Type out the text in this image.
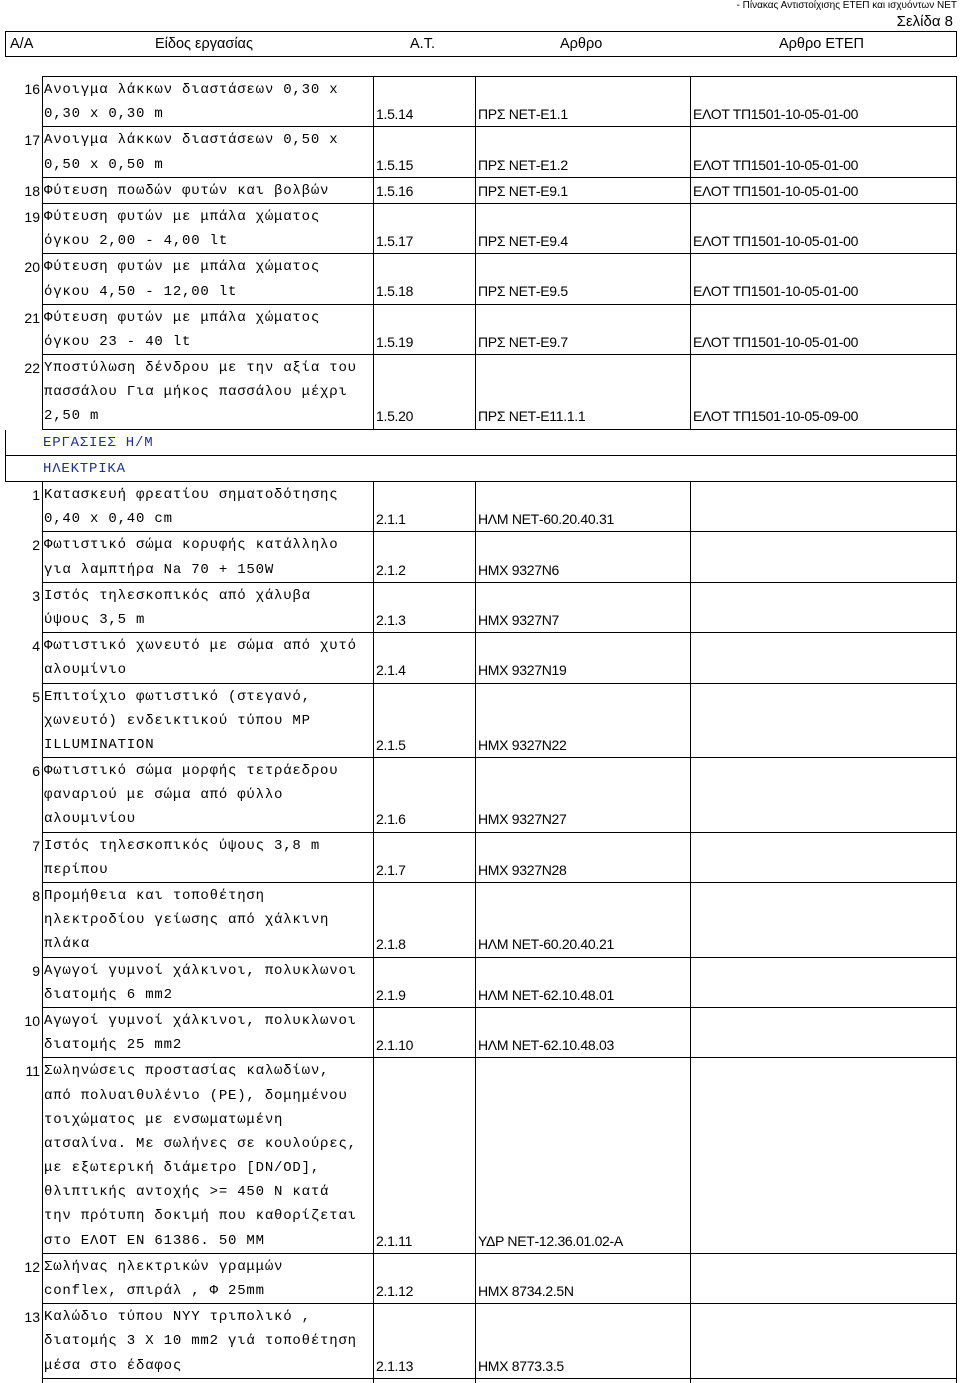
- Πίνακας Αντιστοίχισης ΕΤΕΠ και ισχυόντων ΝΕΤ
Σελίδα 8
Α/Α	Είδος εργασίας	Α.Τ.	Αρθρο	Αρθρο ΕΤΕΠ
16 Ανοιγμα λάκκων διαστάσεων 0,30 x
0,30 x 0,30 m	1.5.14	ΠΡΣ ΝΕΤ-Ε1.1	ΕΛΟΤ ΤΠ1501-10-05-01-00
17 Ανοιγμα λάκκων διαστάσεων 0,50 x
0,50 x 0,50 m	1.5.15	ΠΡΣ ΝΕΤ-Ε1.2	ΕΛΟΤ ΤΠ1501-10-05-01-00
18 Φύτευση ποωδών φυτών και βολβών	1.5.16	ΠΡΣ ΝΕΤ-Ε9.1	ΕΛΟΤ ΤΠ1501-10-05-01-00
19 Φύτευση φυτών με μπάλα χώματος
όγκου 2,00 - 4,00 lt	1.5.17	ΠΡΣ ΝΕΤ-Ε9.4	ΕΛΟΤ ΤΠ1501-10-05-01-00
20 Φύτευση φυτών με μπάλα χώματος
όγκου 4,50 - 12,00 lt	1.5.18	ΠΡΣ ΝΕΤ-Ε9.5	ΕΛΟΤ ΤΠ1501-10-05-01-00
21 Φύτευση φυτών με μπάλα χώματος
όγκου 23 - 40 lt	1.5.19	ΠΡΣ ΝΕΤ-Ε9.7	ΕΛΟΤ ΤΠ1501-10-05-01-00
22 Υποστύλωση δένδρου με την αξία του
πασσάλου Για μήκος πασσάλου μέχρι
2,50 m	1.5.20	ΠΡΣ ΝΕΤ-Ε11.1.1	ΕΛΟΤ ΤΠ1501-10-05-09-00
ΕΡΓΑΣΙΕΣ Η/Μ
ΗΛΕΚΤΡΙΚΑ
1 Κατασκευή φρεατίου σηματοδότησης
0,40 x 0,40 cm	2.1.1	ΗΛΜ ΝΕΤ-60.20.40.31
2 Φωτιστικό σώμα κορυφής κατάλληλο
για λαμπτήρα Na 70 + 150W	2.1.2	ΗΜΧ 9327Ν6
3 Ιστός τηλεσκοπικός από χάλυβα
ύψους 3,5 m	2.1.3	ΗΜΧ 9327Ν7
4 Φωτιστικό χωνευτό με σώμα από χυτό
αλουμίνιο	2.1.4	ΗΜΧ 9327Ν19
5 Επιτοίχιο φωτιστικό (στεγανό,
χωνευτό) ενδεικτικού τύπου MP
ILLUMINATION	2.1.5	ΗΜΧ 9327Ν22
6 Φωτιστικό σώμα μορφής τετράεδρου
φαναριού με σώμα από φύλλο
αλουμινίου	2.1.6	ΗΜΧ 9327Ν27
7 Ιστός τηλεσκοπικός ύψους 3,8 m
περίπου	2.1.7	ΗΜΧ 9327Ν28
8 Προμήθεια και τοποθέτηση
ηλεκτροδίου γείωσης από χάλκινη
πλάκα	2.1.8	ΗΛΜ ΝΕΤ-60.20.40.21
9 Αγωγοί γυμνοί χάλκινοι, πολυκλωνοι
διατομής 6 mm2	2.1.9	ΗΛΜ ΝΕΤ-62.10.48.01
10 Αγωγοί γυμνοί χάλκινοι, πολυκλωνοι
διατομής 25 mm2	2.1.10	ΗΛΜ ΝΕΤ-62.10.48.03
11 Σωληνώσεις προστασίας καλωδίων,
από πολυαιθυλένιο (PE), δομημένου
τοιχώματος με ενσωματωμένη
ατσαλίνα. Με σωλήνες σε κουλούρες,
με εξωτερική διάμετρο [DN/OD],
θλιπτικής αντοχής >= 450 N κατά
την πρότυπη δοκιμή που καθορίζεται
στο ΕΛΟΤ EN 61386. 50 MM	2.1.11	ΥΔΡ ΝΕΤ-12.36.01.02-Α
12 Σωλήνας ηλεκτρικών γραμμών
conflex, σπιράλ , Φ 25mm	2.1.12	ΗΜΧ 8734.2.5Ν
13 Καλώδιο τύπου NYY τριπολικό ,
διατομής 3 X 10 mm2 γιά τοποθέτηση
μέσα στο έδαφος	2.1.13	ΗΜΧ 8773.3.5
